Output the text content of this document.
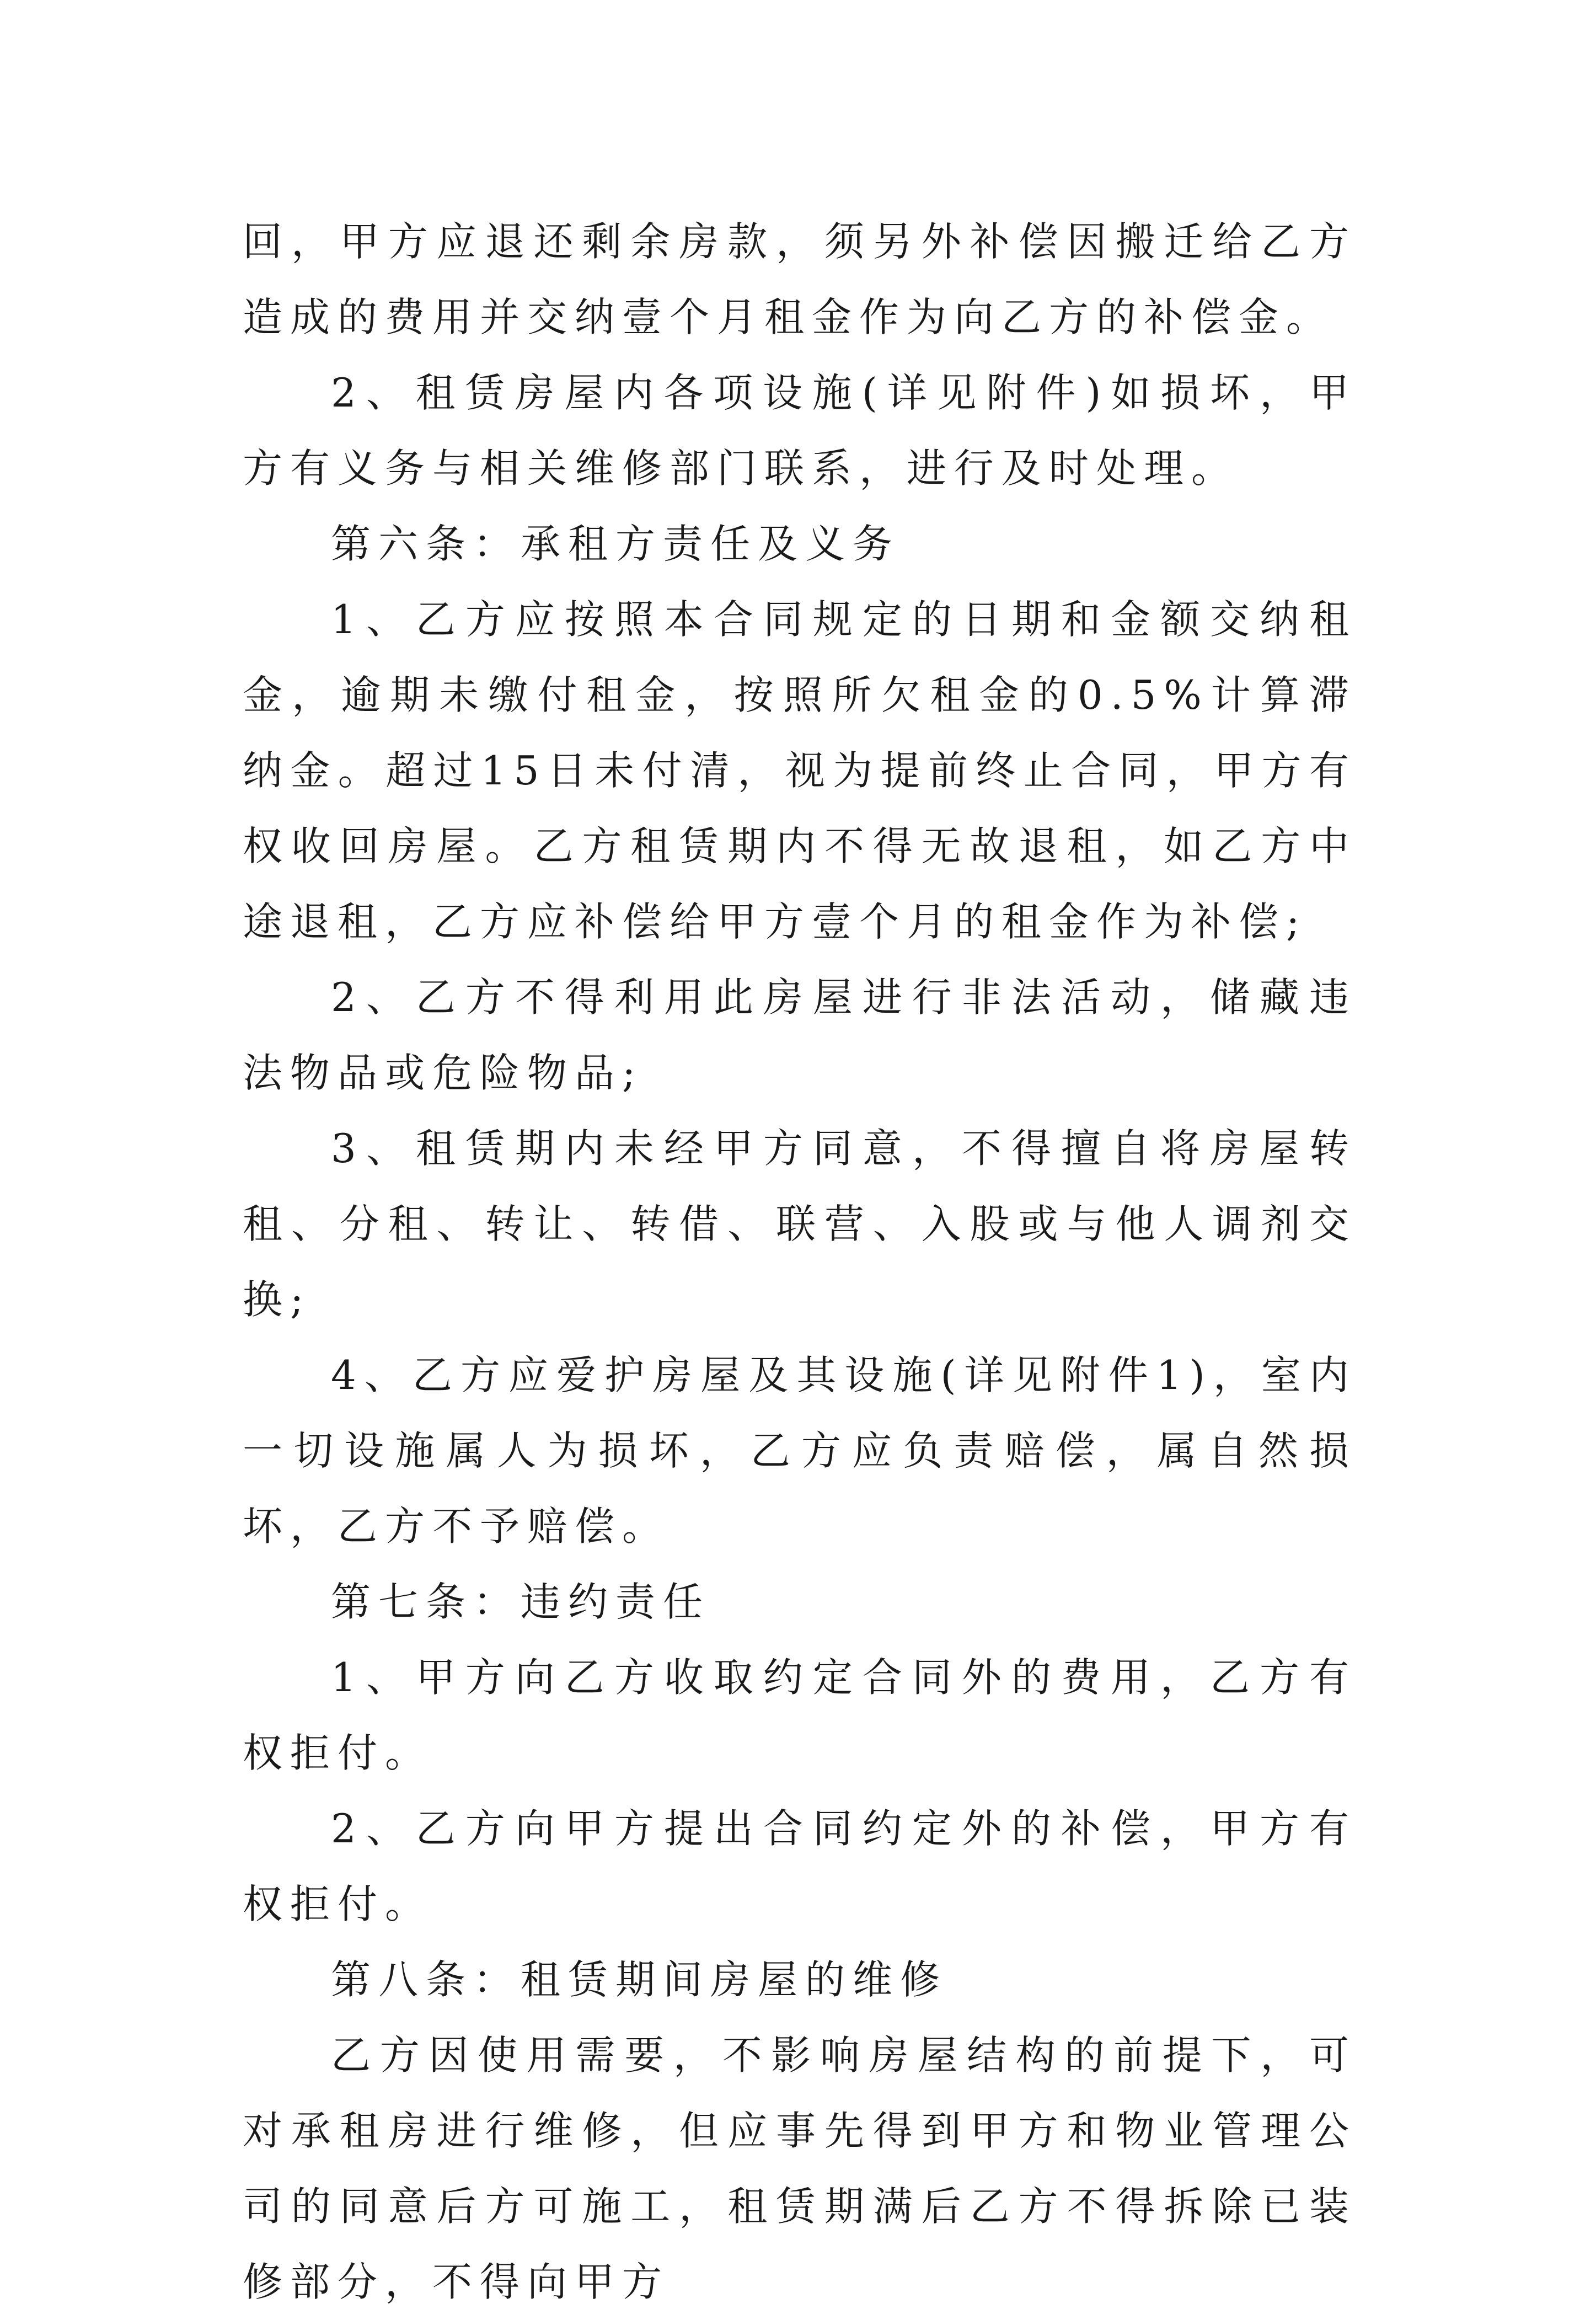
回，甲方应退还剩余房款，须另外补偿因搬迁给乙方造成的费用并交纳壹个月租金作为向乙方的补偿金。

2、租赁房屋内各项设施(详见附件)如损坏，甲方有义务与相关维修部门联系，进行及时处理。

第六条：承租方责任及义务

1、乙方应按照本合同规定的日期和金额交纳租金，逾期未缴付租金，按照所欠租金的0.5%计算滞纳金。超过15日未付清，视为提前终止合同，甲方有权收回房屋。乙方租赁期内不得无故退租，如乙方中途退租，乙方应补偿给甲方壹个月的租金作为补偿;

2、乙方不得利用此房屋进行非法活动，储藏违法物品或危险物品;

3、租赁期内未经甲方同意，不得擅自将房屋转租、分租、转让、转借、联营、入股或与他人调剂交换;

4、乙方应爱护房屋及其设施(详见附件1)，室内一切设施属人为损坏，乙方应负责赔偿，属自然损坏，乙方不予赔偿。

第七条：违约责任

1、甲方向乙方收取约定合同外的费用，乙方有权拒付。

2、乙方向甲方提出合同约定外的补偿，甲方有权拒付。

第八条：租赁期间房屋的维修

乙方因使用需要，不影响房屋结构的前提下，可对承租房进行维修，但应事先得到甲方和物业管理公司的同意后方可施工，租赁期满后乙方不得拆除已装修部分，不得向甲方
